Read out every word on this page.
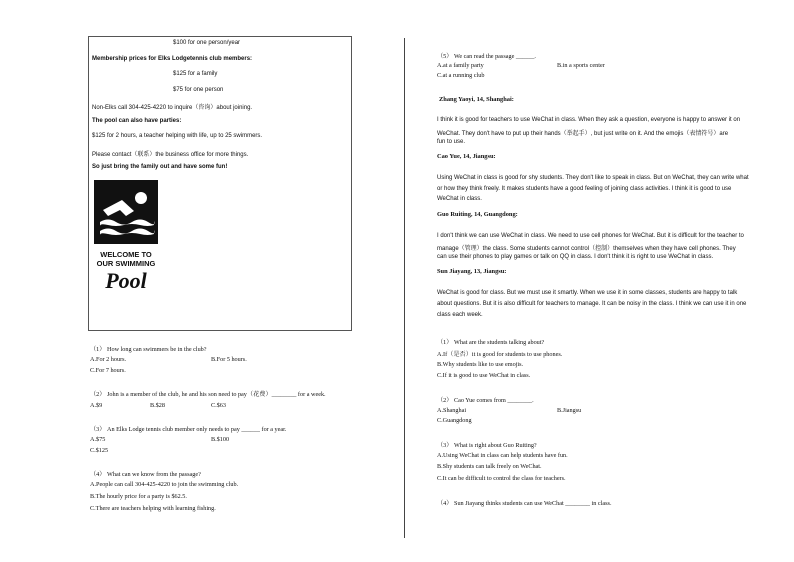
$100 for one person/year
Membership prices for Elks Lodgetennis club members:
$125 for a family
$75 for one person
Non-Elks call 304-425-4220 to inquire（咨询）about joining.
The pool can also have parties:
$125 for 2 hours, a teacher helping with life, up to 25 swimmers.
Please contact（联系）the business office for more things.
So just bring the family out and have some fun!
WELCOME TO
OUR SWIMMING
Pool
（1） How long can swimmers be in the club?
A.For 2 hours.	B.For 5 hours.
C.For 7 hours.
（2） John is a member of the club, he and his son need to pay（花费）________ for a week.
A.$9	B.$28	C.$63
（3） An Elks Lodge tennis club member only needs to pay ______ for a year.
A.$75	B.$100
C.$125
（4） What can we know from the passage?
A.People can call 304-425-4220 to join the swimming club.
B.The hourly price for a party is $62.5.
C.There are teachers helping with learning fishing.
（5） We can read the passage ______.
A.at a family party	B.in a sports center
C.at a running club
Zhang Yaoyi, 14, Shanghai:
I think it is good for teachers to use WeChat in class. When they ask a question, everyone is happy to answer it on
WeChat. They don't have to put up their hands（举起手）, but just write on it. And the emojis（表情符号）are
fun to use.
Cao Yue, 14, Jiangsu:
Using WeChat in class is good for shy students. They don't like to speak in class. But on WeChat, they can write what
or how they think freely. It makes students have a good feeling of joining class activities. I think it is good to use
WeChat in class.
Guo Ruiting, 14, Guangdong:
I don't think we can use WeChat in class. We need to use cell phones for WeChat. But it is difficult for the teacher to
manage（管理）the class. Some students cannot control（控制）themselves when they have cell phones. They
can use their phones to play games or talk on QQ in class. I don't think it is right to use WeChat in class.
Sun Jiayang, 13, Jiangsu:
WeChat is good for class. But we must use it smartly. When we use it in some classes, students are happy to talk
about questions. But it is also difficult for teachers to manage. It can be noisy in the class. I think we can use it in one
class each week.
（1） What are the students talking about?
A.If（是否）it is good for students to use phones.
B.Why students like to use emojis.
C.If it is good to use WeChat in class.
（2） Cao Yue comes from ________.
A.Shanghai	B.Jiangsu
C.Guangdong
（3） What is right about Guo Ruiting?
A.Using WeChat in class can help students have fun.
B.Shy students can talk freely on WeChat.
C.It can be difficult to control the class for teachers.
（4） Sun Jiayang thinks students can use WeChat ________ in class.
